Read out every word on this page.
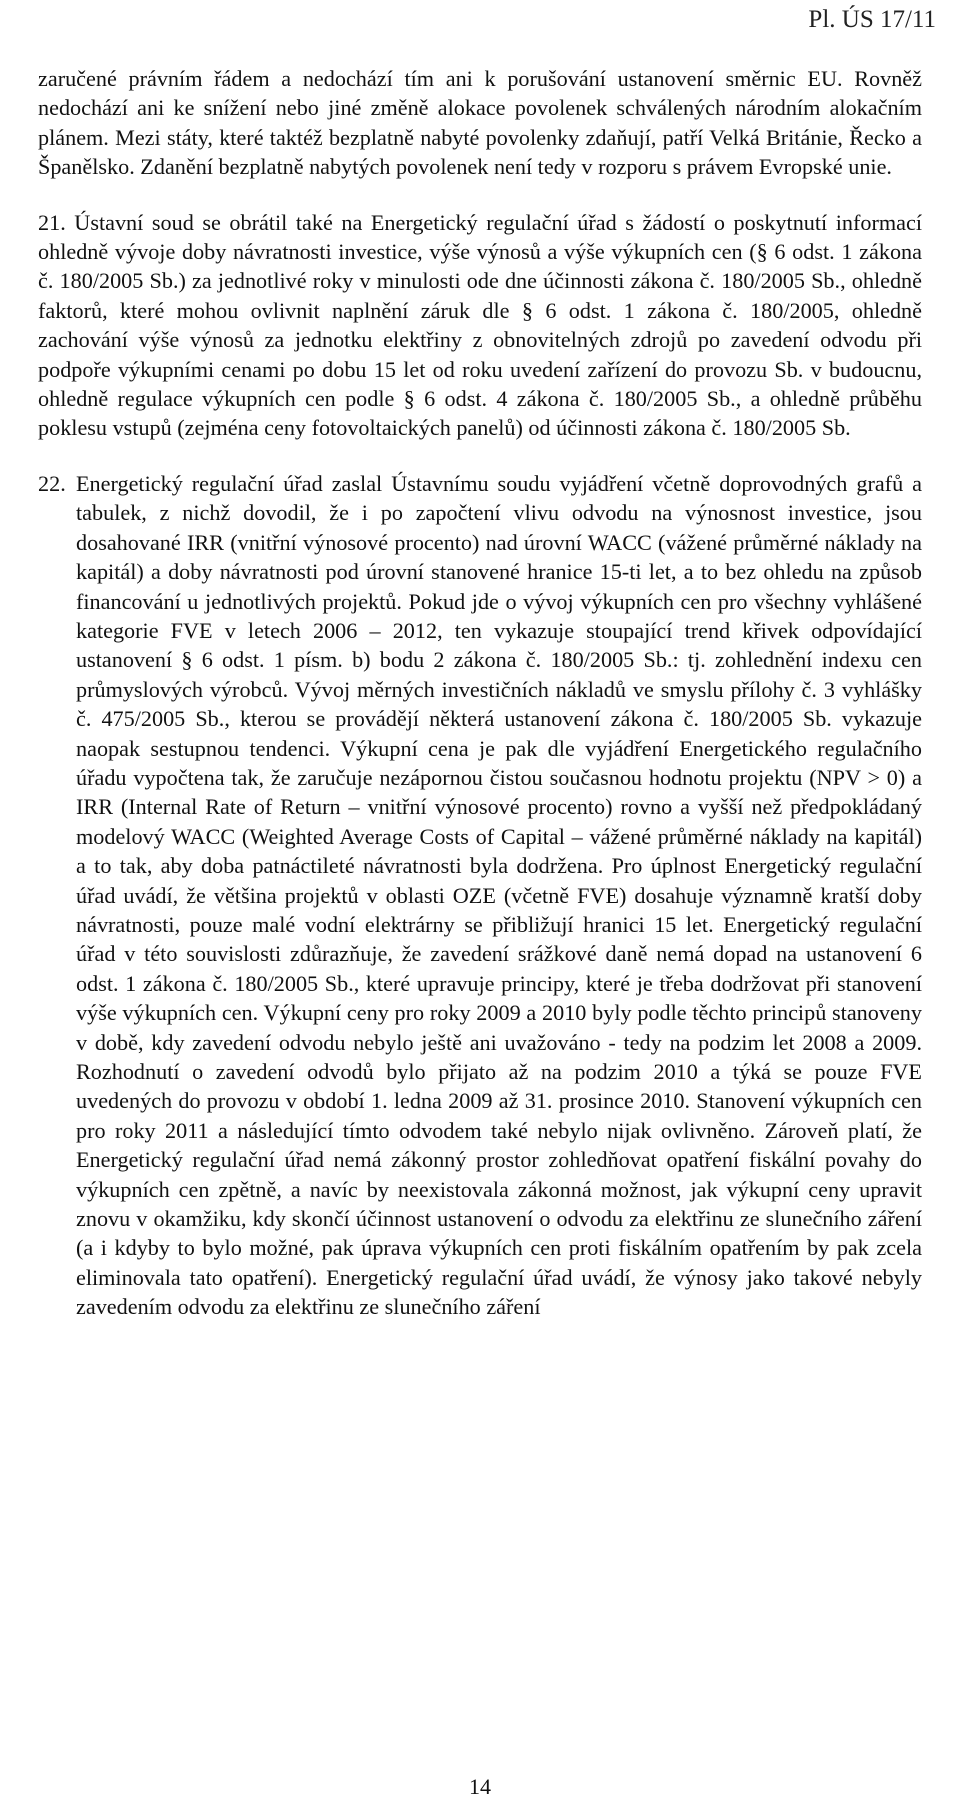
Pl. ÚS 17/11
zaručené právním řádem a nedochází tím ani k porušování ustanovení směrnic EU. Rovněž nedochází ani ke snížení nebo jiné změně alokace povolenek schválených národním alokačním plánem. Mezi státy, které taktéž bezplatně nabyté povolenky zdaňují, patří Velká Británie, Řecko a Španělsko. Zdanění bezplatně nabytých povolenek není tedy v rozporu s právem Evropské unie.
21. Ústavní soud se obrátil také na Energetický regulační úřad s žádostí o poskytnutí informací ohledně vývoje doby návratnosti investice, výše výnosů a výše výkupních cen (§ 6 odst. 1 zákona č. 180/2005 Sb.) za jednotlivé roky v minulosti ode dne účinnosti zákona č. 180/2005 Sb., ohledně faktorů, které mohou ovlivnit naplnění záruk dle § 6 odst. 1 zákona č. 180/2005, ohledně zachování výše výnosů za jednotku elektřiny z obnovitelných zdrojů po zavedení odvodu při podpoře výkupními cenami po dobu 15 let od roku uvedení zařízení do provozu Sb. v budoucnu, ohledně regulace výkupních cen podle § 6 odst. 4 zákona č. 180/2005 Sb., a ohledně průběhu poklesu vstupů (zejména ceny fotovoltaických panelů) od účinnosti zákona č. 180/2005 Sb.
22. Energetický regulační úřad zaslal Ústavnímu soudu vyjádření včetně doprovodných grafů a tabulek, z nichž dovodil, že i po započtení vlivu odvodu na výnosnost investice, jsou dosahované IRR (vnitřní výnosové procento) nad úrovní WACC (vážené průměrné náklady na kapitál) a doby návratnosti pod úrovní stanovené hranice 15-ti let, a to bez ohledu na způsob financování u jednotlivých projektů. Pokud jde o vývoj výkupních cen pro všechny vyhlášené kategorie FVE v letech 2006 – 2012, ten vykazuje stoupající trend křivek odpovídající ustanovení § 6 odst. 1 písm. b) bodu 2 zákona č. 180/2005 Sb.: tj. zohlednění indexu cen průmyslových výrobců. Vývoj měrných investičních nákladů ve smyslu přílohy č. 3 vyhlášky č. 475/2005 Sb., kterou se provádějí některá ustanovení zákona č. 180/2005 Sb. vykazuje naopak sestupnou tendenci. Výkupní cena je pak dle vyjádření Energetického regulačního úřadu vypočtena tak, že zaručuje nezápornou čistou současnou hodnotu projektu (NPV > 0) a IRR (Internal Rate of Return – vnitřní výnosové procento) rovno a vyšší než předpokládaný modelový WACC (Weighted Average Costs of Capital – vážené průměrné náklady na kapitál) a to tak, aby doba patnáctileté návratnosti byla dodržena. Pro úplnost Energetický regulační úřad uvádí, že většina projektů v oblasti OZE (včetně FVE) dosahuje významně kratší doby návratnosti, pouze malé vodní elektrárny se přibližují hranici 15 let. Energetický regulační úřad v této souvislosti zdůrazňuje, že zavedení srážkové daně nemá dopad na ustanovení 6 odst. 1 zákona č. 180/2005 Sb., které upravuje principy, které je třeba dodržovat při stanovení výše výkupních cen. Výkupní ceny pro roky 2009 a 2010 byly podle těchto principů stanoveny v době, kdy zavedení odvodu nebylo ještě ani uvažováno - tedy na podzim let 2008 a 2009. Rozhodnutí o zavedení odvodů bylo přijato až na podzim 2010 a týká se pouze FVE uvedených do provozu v období 1. ledna 2009 až 31. prosince 2010. Stanovení výkupních cen pro roky 2011 a následující tímto odvodem také nebylo nijak ovlivněno. Zároveň platí, že Energetický regulační úřad nemá zákonný prostor zohledňovat opatření fiskální povahy do výkupních cen zpětně, a navíc by neexistovala zákonná možnost, jak výkupní ceny upravit znovu v okamžiku, kdy skončí účinnost ustanovení o odvodu za elektřinu ze slunečního záření (a i kdyby to bylo možné, pak úprava výkupních cen proti fiskálním opatřením by pak zcela eliminovala tato opatření). Energetický regulační úřad uvádí, že výnosy jako takové nebyly zavedením odvodu za elektřinu ze slunečního záření
14
